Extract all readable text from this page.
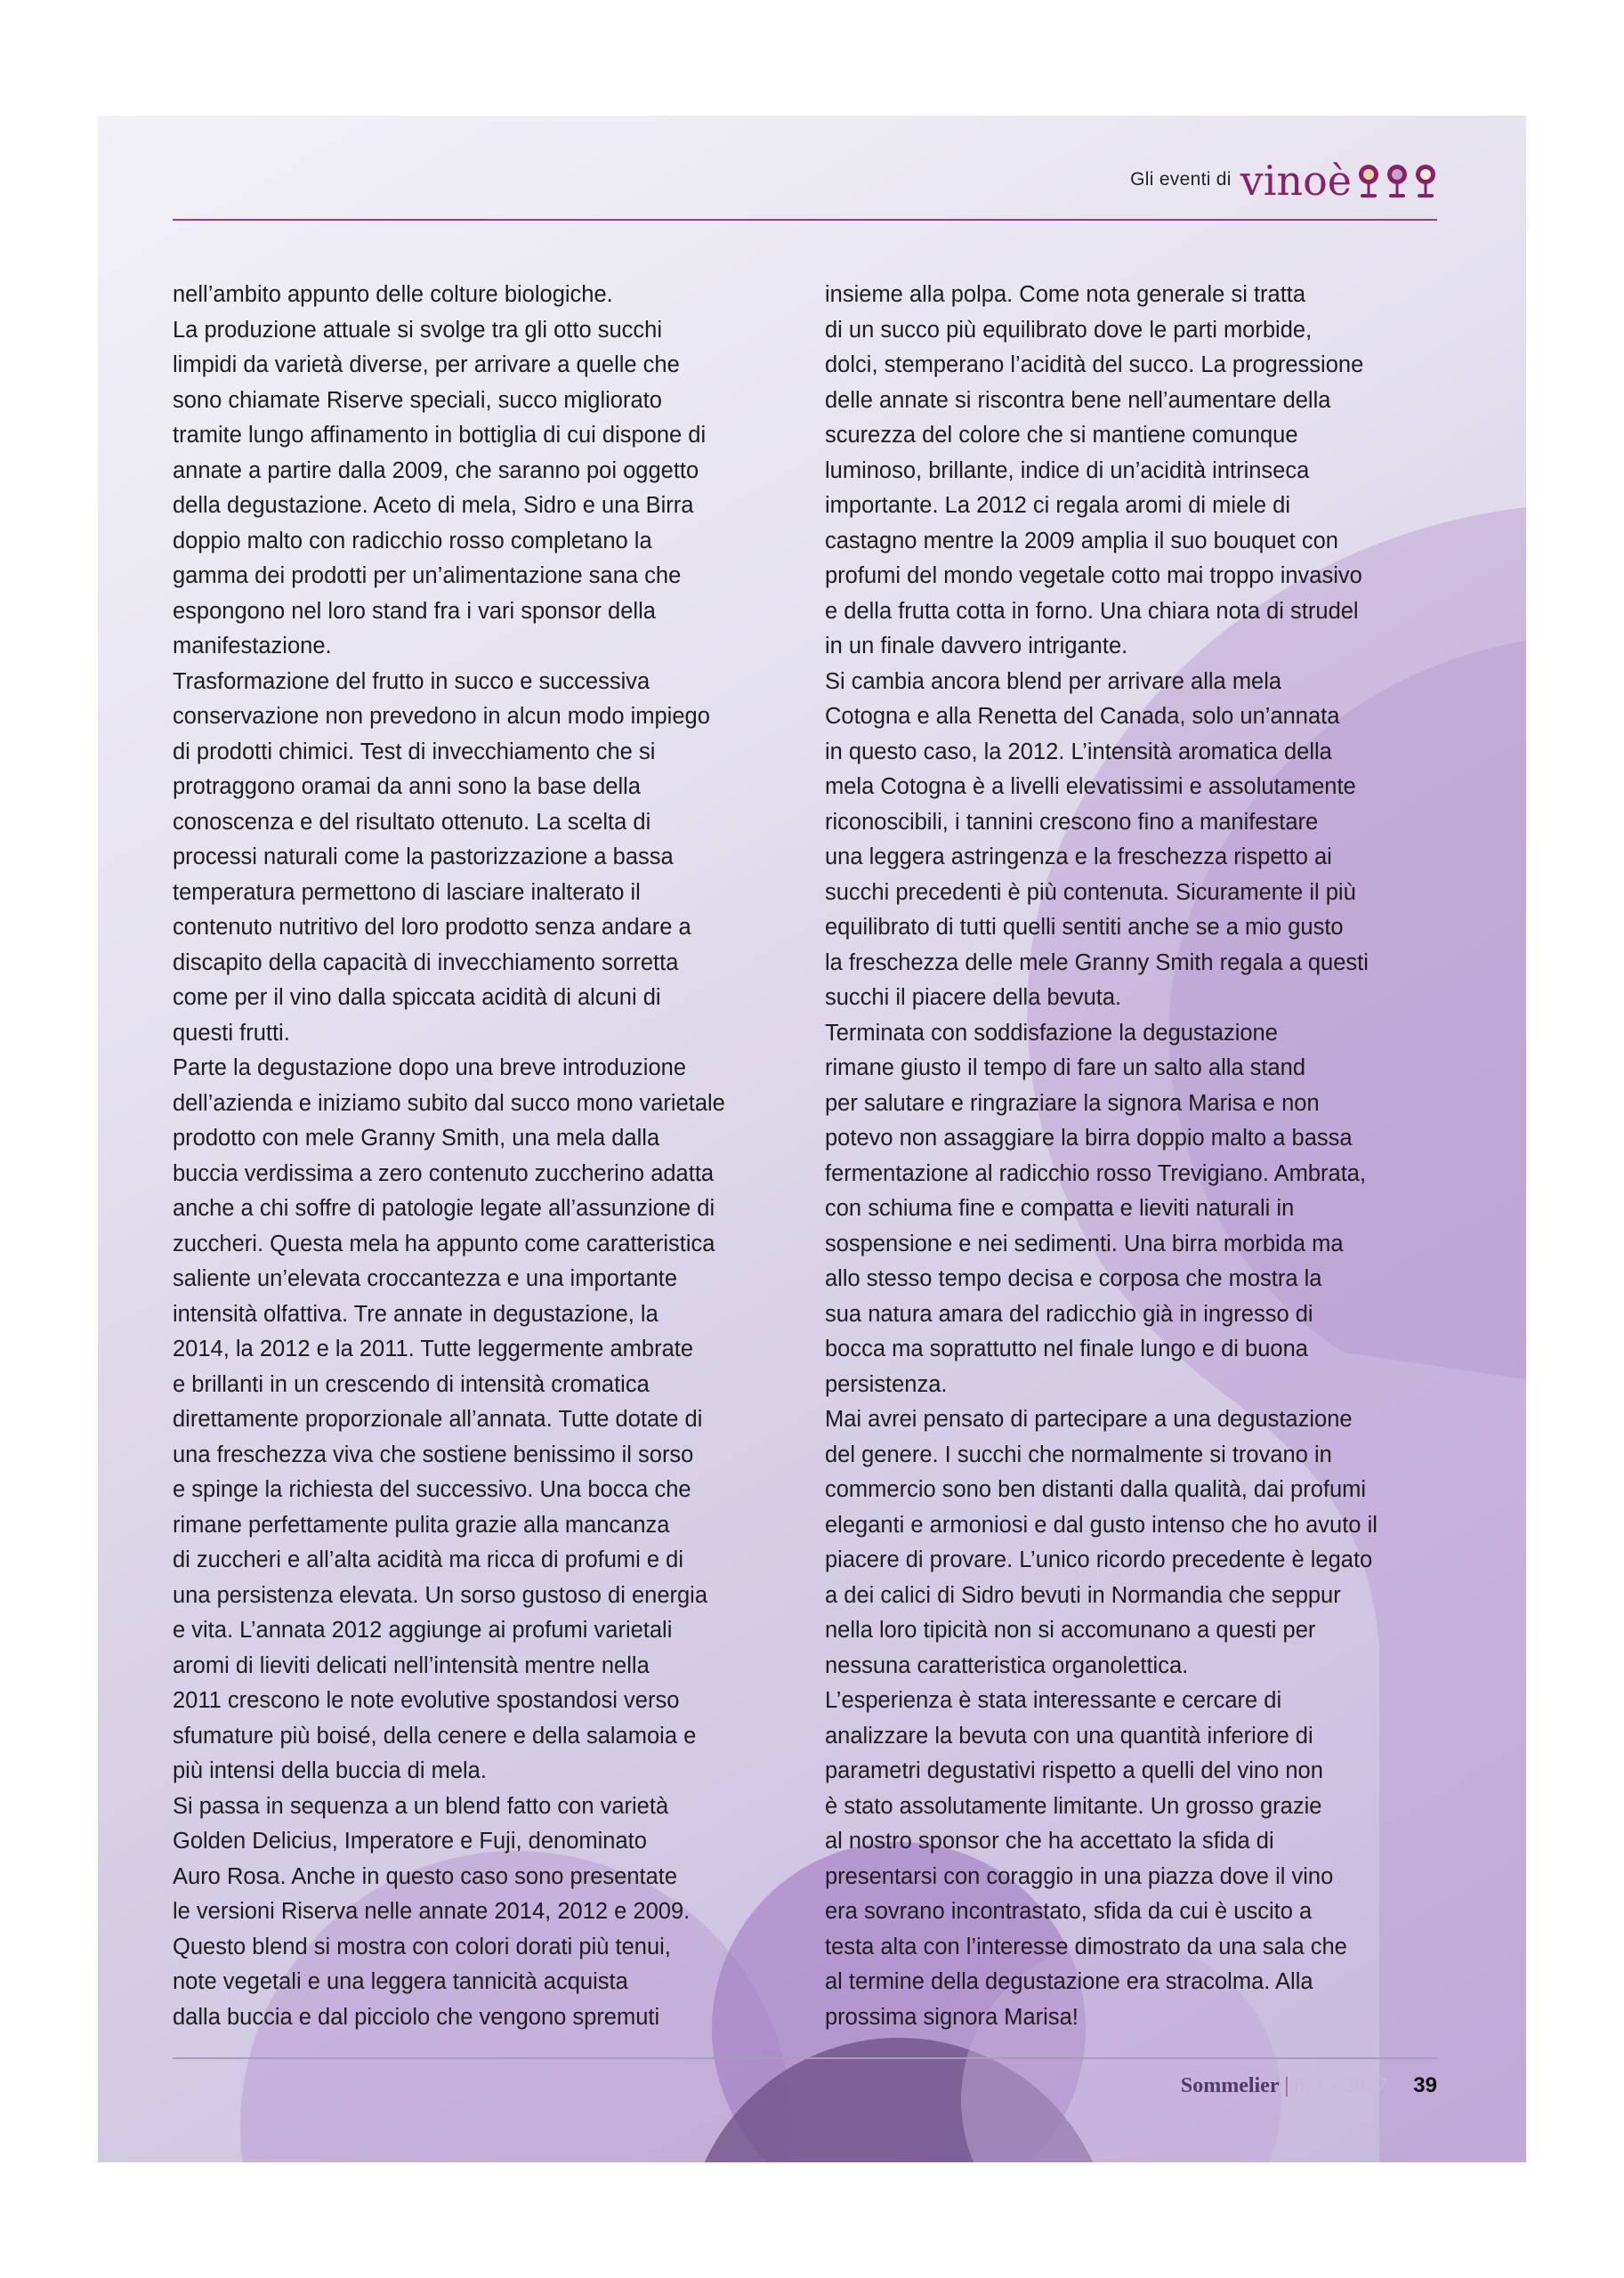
Gli eventi di vinoè

nell’ambito appunto delle colture biologiche.

La produzione attuale si svolge tra gli otto succhi

limpidi da varietà diverse, per arrivare a quelle che

sono chiamate Riserve speciali, succo migliorato

tramite lungo affinamento in bottiglia di cui dispone di

annate a partire dalla 2009, che saranno poi oggetto

della degustazione. Aceto di mela, Sidro e una Birra

doppio malto con radicchio rosso completano la

gamma dei prodotti per un’alimentazione sana che

espongono nel loro stand fra i vari sponsor della

manifestazione.

Trasformazione del frutto in succo e successiva

conservazione non prevedono in alcun modo impiego

di prodotti chimici. Test di invecchiamento che si

protraggono oramai da anni sono la base della

conoscenza e del risultato ottenuto. La scelta di

processi naturali come la pastorizzazione a bassa

temperatura permettono di lasciare inalterato il

contenuto nutritivo del loro prodotto senza andare a

discapito della capacità di invecchiamento sorretta

come per il vino dalla spiccata acidità di alcuni di

questi frutti.

Parte la degustazione dopo una breve introduzione

dell’azienda e iniziamo subito dal succo mono varietale

prodotto con mele Granny Smith, una mela dalla

buccia verdissima a zero contenuto zuccherino adatta

anche a chi soffre di patologie legate all’assunzione di

zuccheri. Questa mela ha appunto come caratteristica

saliente un’elevata croccantezza e una importante

intensità olfattiva. Tre annate in degustazione, la

2014, la 2012 e la 2011. Tutte leggermente ambrate

e brillanti in un crescendo di intensità cromatica

direttamente proporzionale all’annata. Tutte dotate di

una freschezza viva che sostiene benissimo il sorso

e spinge la richiesta del successivo. Una bocca che

rimane perfettamente pulita grazie alla mancanza

di zuccheri e all’alta acidità ma ricca di profumi e di

una persistenza elevata. Un sorso gustoso di energia

e vita. L’annata 2012 aggiunge ai profumi varietali

aromi di lieviti delicati nell’intensità mentre nella

2011 crescono le note evolutive spostandosi verso

sfumature più boisé, della cenere e della salamoia e

più intensi della buccia di mela.

Si passa in sequenza a un blend fatto con varietà

Golden Delicius, Imperatore e Fuji, denominato

Auro Rosa. Anche in questo caso sono presentate

le versioni Riserva nelle annate 2014, 2012 e 2009.

Questo blend si mostra con colori dorati più tenui,

note vegetali e una leggera tannicità acquista

dalla buccia e dal picciolo che vengono spremuti

insieme alla polpa. Come nota generale si tratta

di un succo più equilibrato dove le parti morbide,

dolci, stemperano l’acidità del succo. La progressione

delle annate si riscontra bene nell’aumentare della

scurezza del colore che si mantiene comunque

luminoso, brillante, indice di un’acidità intrinseca

importante. La 2012 ci regala aromi di miele di

castagno mentre la 2009 amplia il suo bouquet con

profumi del mondo vegetale cotto mai troppo invasivo

e della frutta cotta in forno. Una chiara nota di strudel

in un finale davvero intrigante.

Si cambia ancora blend per arrivare alla mela

Cotogna e alla Renetta del Canada, solo un’annata

in questo caso, la 2012. L’intensità aromatica della

mela Cotogna è a livelli elevatissimi e assolutamente

riconoscibili, i tannini crescono fino a manifestare

una leggera astringenza e la freschezza rispetto ai

succhi precedenti è più contenuta. Sicuramente il più

equilibrato di tutti quelli sentiti anche se a mio gusto

la freschezza delle mele Granny Smith regala a questi

succhi il piacere della bevuta.

Terminata con soddisfazione la degustazione

rimane giusto il tempo di fare un salto alla stand

per salutare e ringraziare la signora Marisa e non

potevo non assaggiare la birra doppio malto a bassa

fermentazione al radicchio rosso Trevigiano. Ambrata,

con schiuma fine e compatta e lieviti naturali in

sospensione e nei sedimenti. Una birra morbida ma

allo stesso tempo decisa e corposa che mostra la

sua natura amara del radicchio già in ingresso di

bocca ma soprattutto nel finale lungo e di buona

persistenza.

Mai avrei pensato di partecipare a una degustazione

del genere. I succhi che normalmente si trovano in

commercio sono ben distanti dalla qualità, dai profumi

eleganti e armoniosi e dal gusto intenso che ho avuto il

piacere di provare. L’unico ricordo precedente è legato

a dei calici di Sidro bevuti in Normandia che seppur

nella loro tipicità non si accomunano a questi per

nessuna caratteristica organolettica.

L’esperienza è stata interessante e cercare di

analizzare la bevuta con una quantità inferiore di

parametri degustativi rispetto a quelli del vino non

è stato assolutamente limitante. Un grosso grazie

al nostro sponsor che ha accettato la sfida di

presentarsi con coraggio in una piazza dove il vino

era sovrano incontrastato, sfida da cui è uscito a

testa alta con l’interesse dimostrato da una sala che

al termine della degustazione era stracolma. Alla

prossima signora Marisa!

il
Sommelier | n. 1 - 2017 39
